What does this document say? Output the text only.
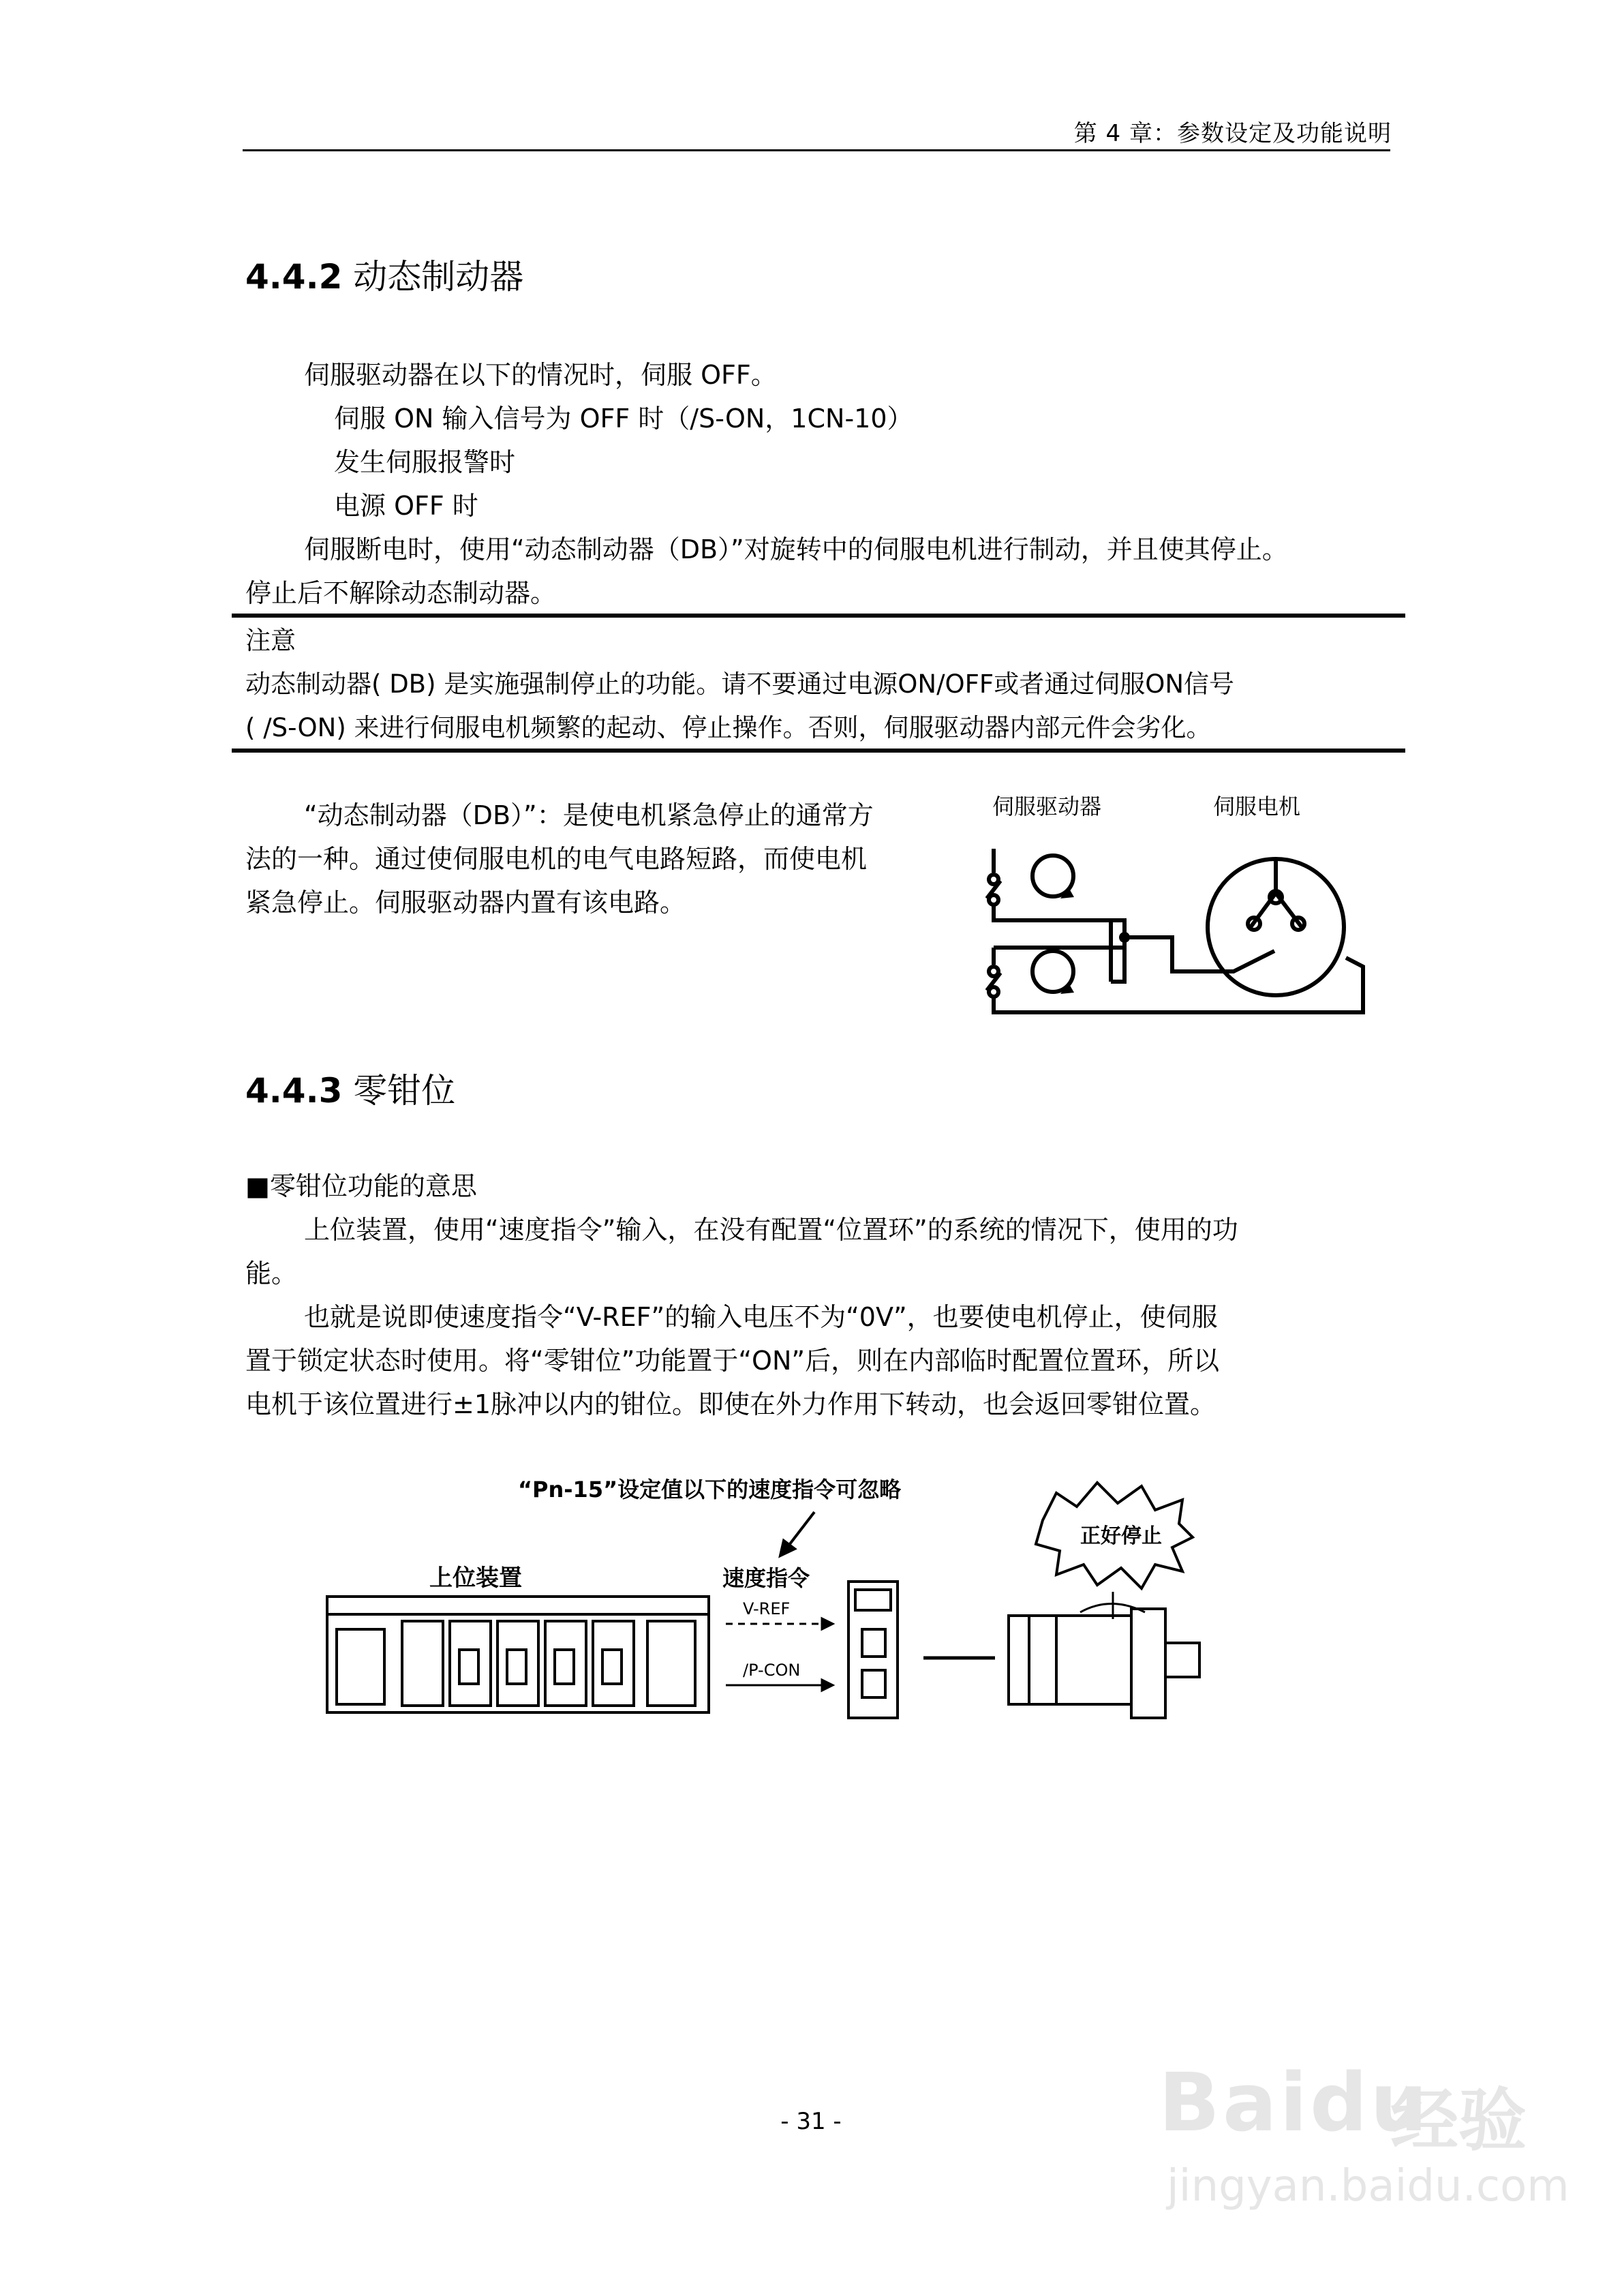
第 4 章：参数设定及功能说明
4.4.2 动态制动器
伺服驱动器在以下的情况时，伺服 OFF。
伺服 ON 输入信号为 OFF 时（/S-ON，1CN-10）
发生伺服报警时
电源 OFF 时
伺服断电时，使用“动态制动器（DB）”对旋转中的伺服电机进行制动，并且使其停止。
停止后不解除动态制动器。
注意
动态制动器( DB) 是实施强制停止的功能。请不要通过电源ON/OFF或者通过伺服ON信号
( /S-ON) 来进行伺服电机频繁的起动、停止操作。否则，伺服驱动器内部元件会劣化。
“动态制动器（DB）”：是使电机紧急停止的通常方
法的一种。通过使伺服电机的电气电路短路，而使电机
紧急停止。伺服驱动器内置有该电路。
伺服驱动器	伺服电机
4.4.3 零钳位
■零钳位功能的意思
上位装置，使用“速度指令”输入，在没有配置“位置环”的系统的情况下，使用的功
能。
也就是说即使速度指令“V-REF”的输入电压不为“0V”，也要使电机停止，使伺服
置于锁定状态时使用。将“零钳位”功能置于“ON”后，则在内部临时配置位置环，所以
电机于该位置进行±1脉冲以内的钳位。即使在外力作用下转动，也会返回零钳位置。
“Pn-15”设定值以下的速度指令可忽略
上位装置	速度指令
V-REF
/P-CON
正好停止
- 31 -	Baidu
经验
jingyan.baidu.com
